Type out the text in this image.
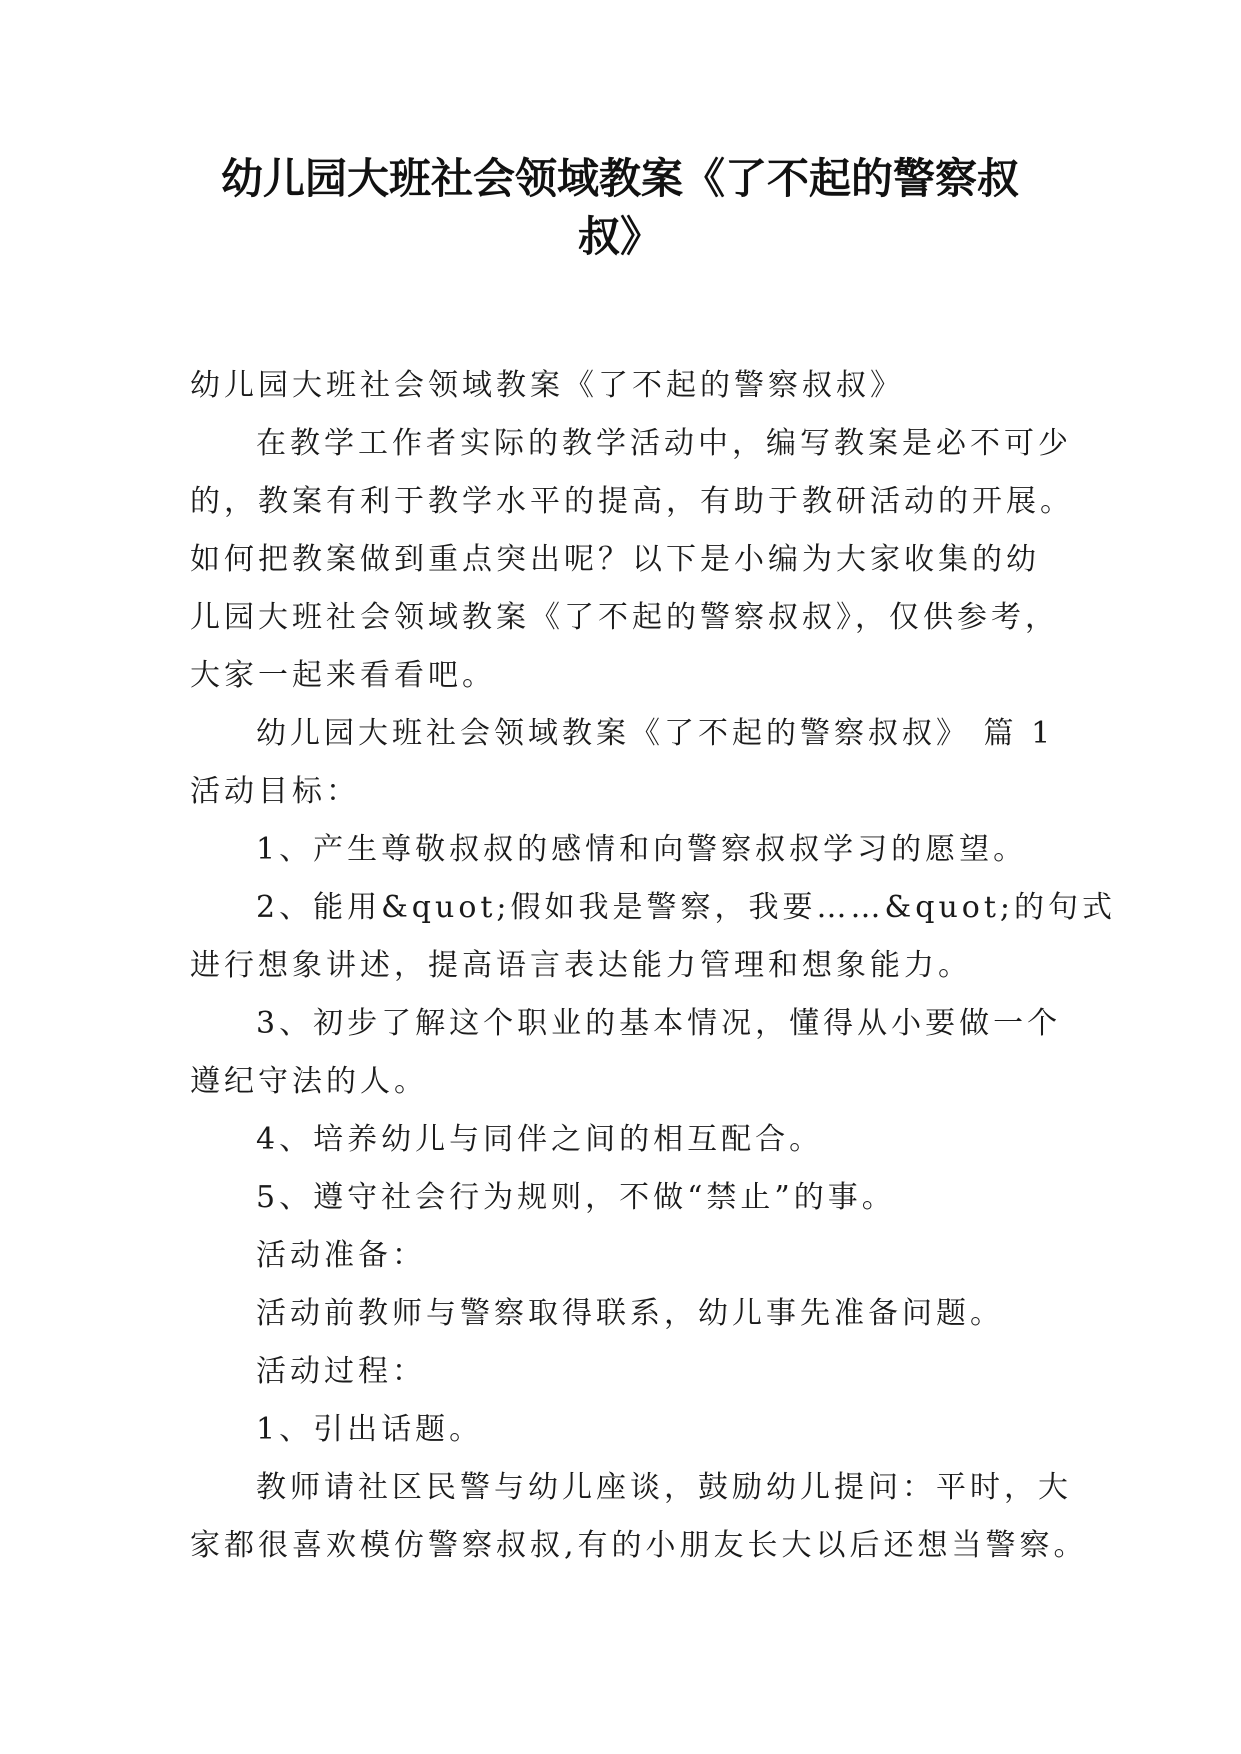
幼儿园大班社会领域教案《了不起的警察叔
叔》

幼儿园大班社会领域教案《了不起的警察叔叔》

在教学工作者实际的教学活动中，编写教案是必不可少

的，教案有利于教学水平的提高，有助于教研活动的开展。

如何把教案做到重点突出呢？以下是小编为大家收集的幼

儿园大班社会领域教案《了不起的警察叔叔》，仅供参考，

大家一起来看看吧。

幼儿园大班社会领域教案《了不起的警察叔叔》 篇 1

活动目标：

1、产生尊敬叔叔的感情和向警察叔叔学习的愿望。

2、能用&quot;假如我是警察，我要……&quot;的句式

进行想象讲述，提高语言表达能力管理和想象能力。

3、初步了解这个职业的基本情况，懂得从小要做一个

遵纪守法的人。

4、培养幼儿与同伴之间的相互配合。

5、遵守社会行为规则，不做“禁止”的事。

活动准备：

活动前教师与警察取得联系，幼儿事先准备问题。

活动过程：

1、引出话题。

教师请社区民警与幼儿座谈，鼓励幼儿提问：平时，大

家都很喜欢模仿警察叔叔,有的小朋友长大以后还想当警察。
